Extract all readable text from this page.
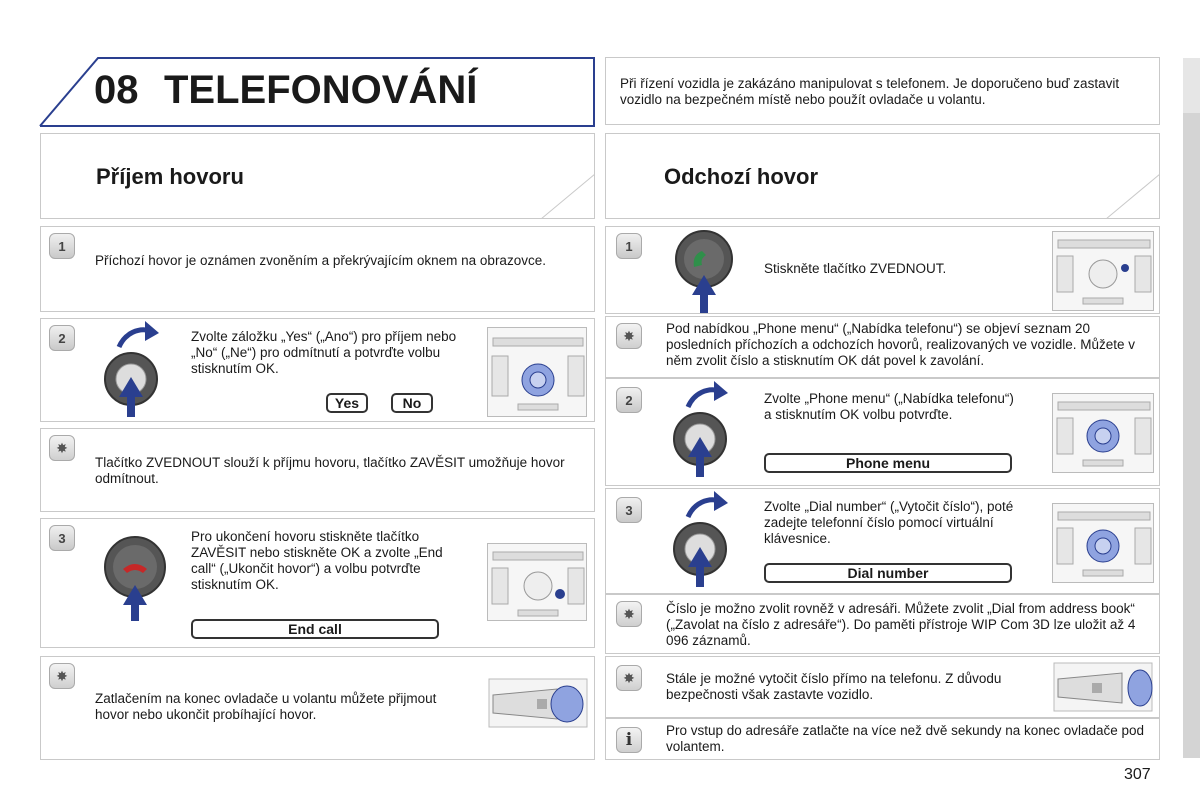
08 TELEFONOVÁNÍ	Při řízení vozidla je zakázáno manipulovat s telefonem. Je doporučeno buď zastavit vozidlo na bezpečném místě nebo použít ovladače u volantu.
Příjem hovoru
1
Příchozí hovor je oznámen zvoněním a překrývajícím oknem na obrazovce.
2	Zvolte záložku „Yes“ („Ano“) pro příjem nebo „No“ („Ne“) pro odmítnutí a potvrďte volbu stisknutím OK.
Yes	No
✸
Tlačítko ZVEDNOUT slouží k příjmu hovoru, tlačítko ZAVĚSIT umožňuje hovor odmítnout.
3	Pro ukončení hovoru stiskněte tlačítko ZAVĚSIT nebo stiskněte OK a zvolte „End call“ („Ukončit hovor“) a volbu potvrďte stisknutím OK.
End call
✸
Zatlačením na konec ovladače u volantu můžete přijmout hovor nebo ukončit probíhající hovor.
Odchozí hovor
1
Stiskněte tlačítko ZVEDNOUT.
✸ Pod nabídkou „Phone menu“ („Nabídka telefonu“) se objeví seznam 20 posledních příchozích a odchozích hovorů, realizovaných ve vozidle. Můžete v něm zvolit číslo a stisknutím OK dát povel k zavolání.
2	Zvolte „Phone menu“ („Nabídka telefonu“) a stisknutím OK volbu potvrďte.
Phone menu
3	Zvolte „Dial number“ („Vytočit číslo“), poté zadejte telefonní číslo pomocí virtuální klávesnice.
Dial number
✸ Číslo je možno zvolit rovněž v adresáři. Můžete zvolit „Dial from address book“ („Zavolat na číslo z adresáře“). Do paměti přístroje WIP Com 3D lze uložit až 4 096 záznamů.
✸ Stále je možné vytočit číslo přímo na telefonu. Z důvodu bezpečnosti však zastavte vozidlo.
i	Pro vstup do adresáře zatlačte na více než dvě sekundy na konec ovladače pod volantem.
307
